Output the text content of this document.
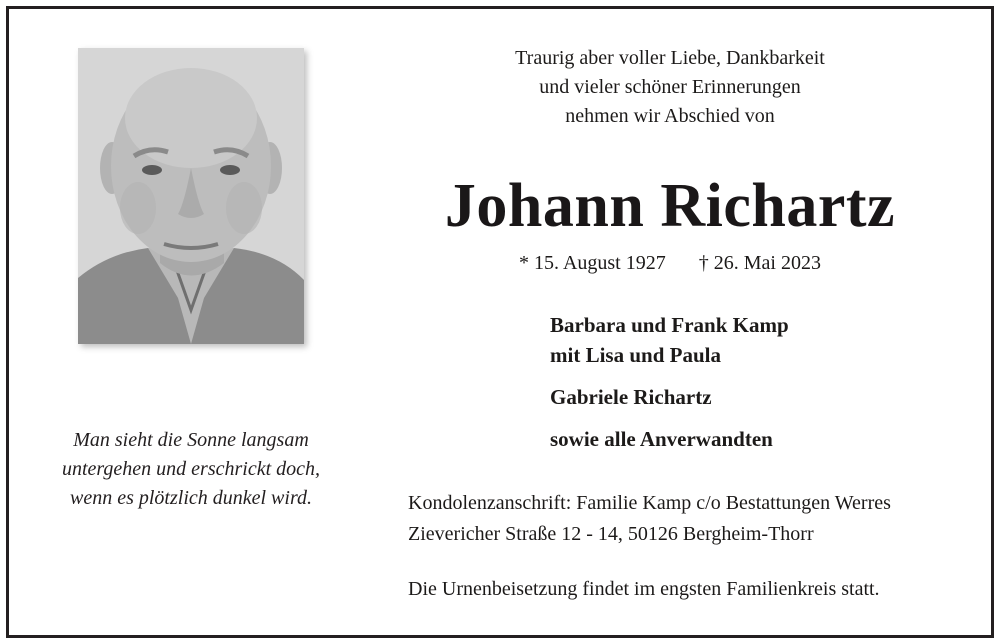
Man sieht die Sonne langsam
untergehen und erschrickt doch,
wenn es plötzlich dunkel wird.
Traurig aber voller Liebe, Dankbarkeit
und vieler schöner Erinnerungen
nehmen wir Abschied von
Johann Richartz
* 15. August 1927 † 26. Mai 2023
Barbara und Frank Kamp
mit Lisa und Paula
Gabriele Richartz
sowie alle Anverwandten
Kondolenzanschrift: Familie Kamp c/o Bestattungen Werres
Zievericher Straße 12 - 14, 50126 Bergheim-Thorr
Die Urnenbeisetzung findet im engsten Familienkreis statt.
